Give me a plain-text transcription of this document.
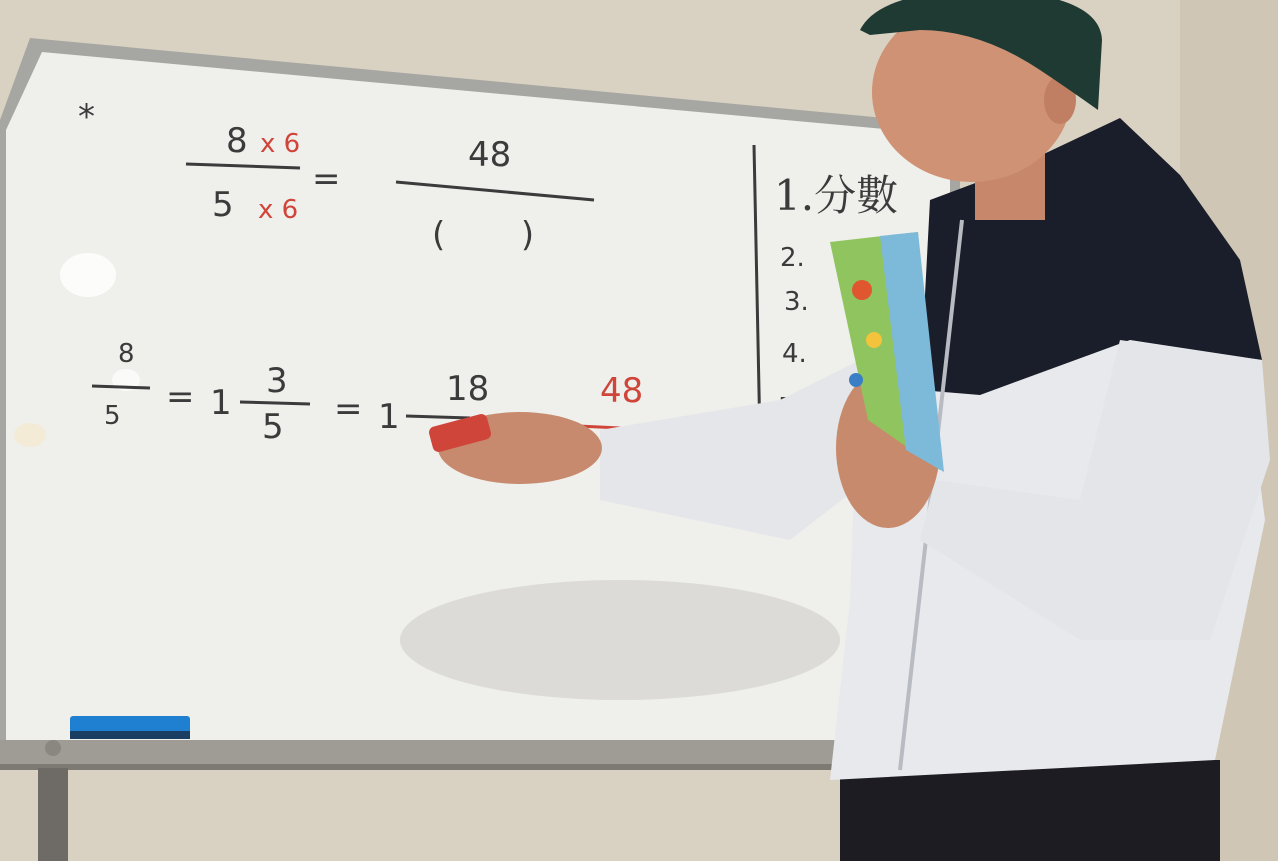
*
8 x 6
5 x 6
=
48
(       )
8
5 = 1
3
5 = 1
18	48
1.分數
2.
3.
4.
